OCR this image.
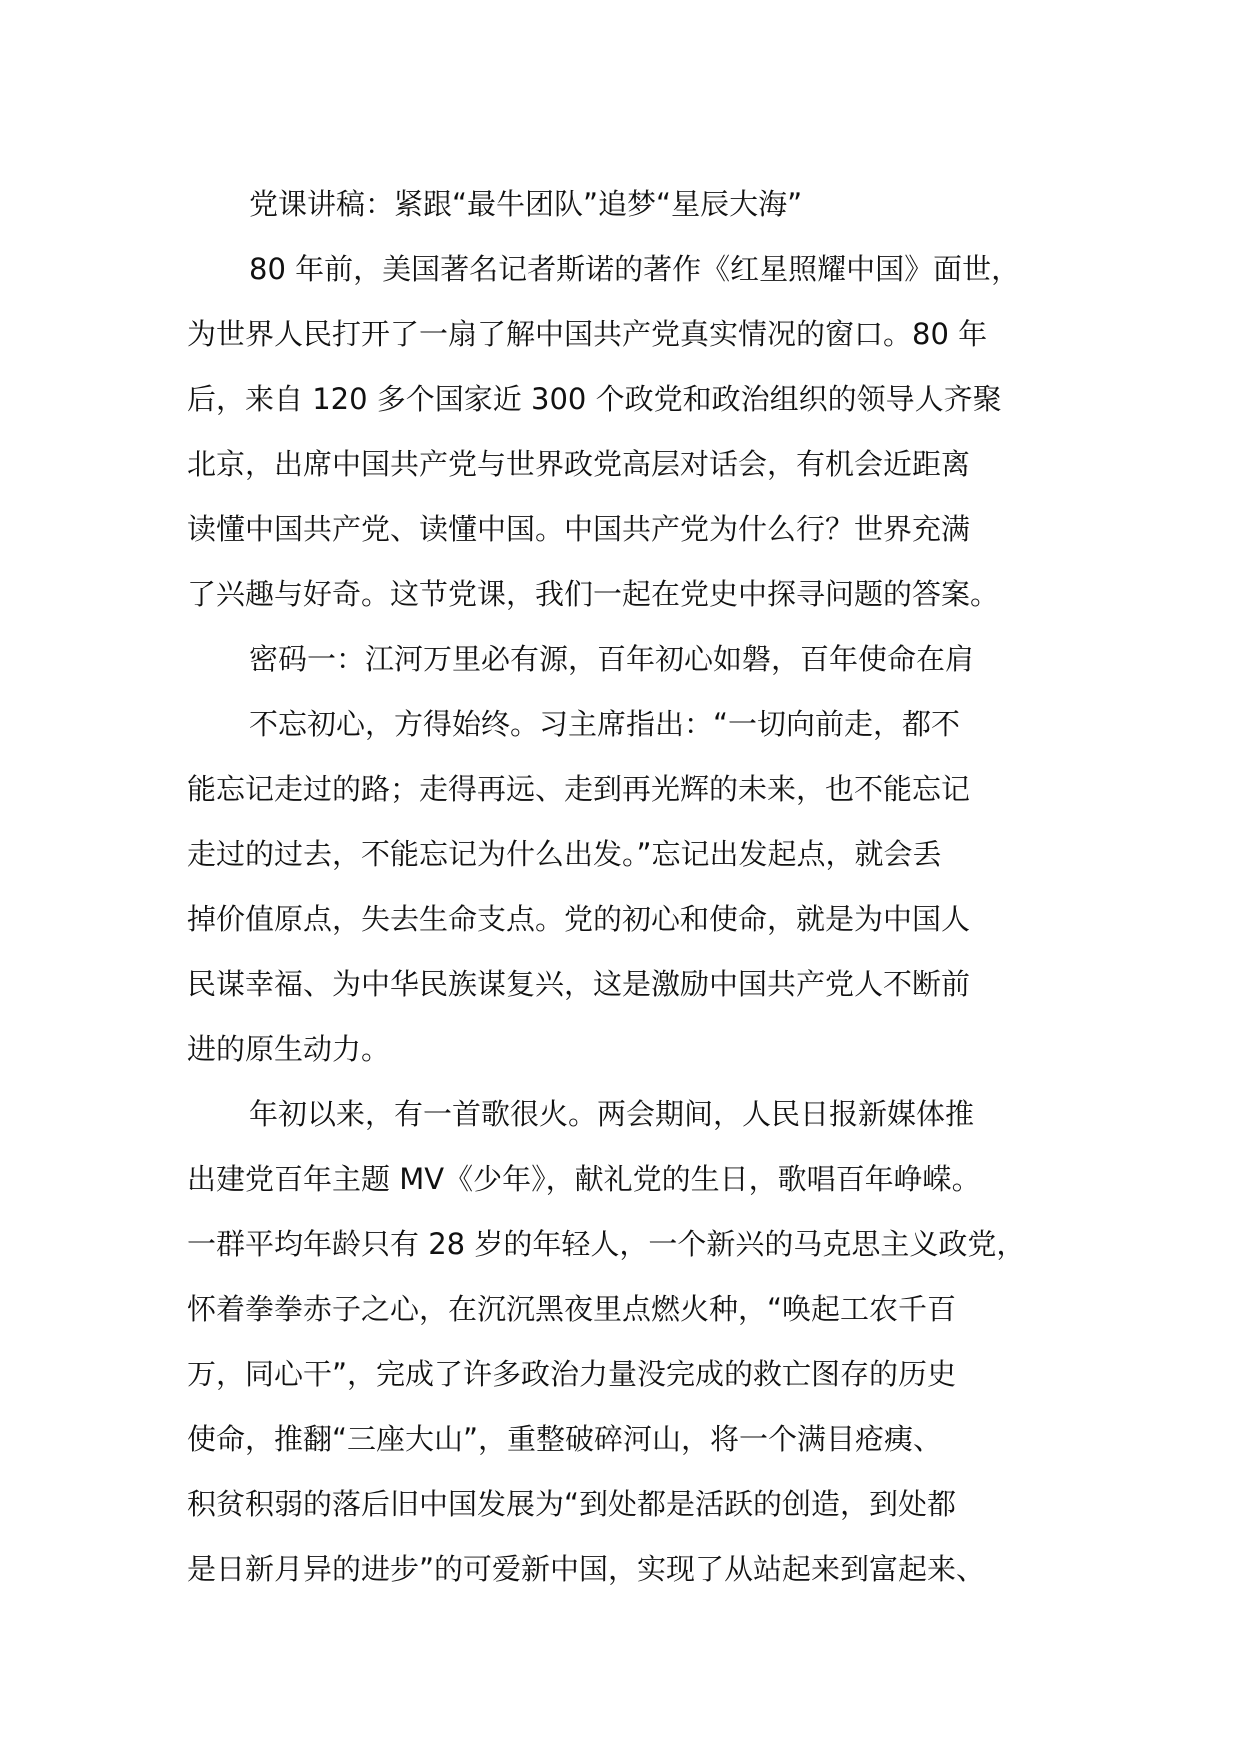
党课讲稿：紧跟“最牛团队”追梦“星辰大海”

80 年前，美国著名记者斯诺的著作《红星照耀中国》面世，
为世界人民打开了一扇了解中国共产党真实情况的窗口。80 年
后，来自 120 多个国家近 300 个政党和政治组织的领导人齐聚
北京，出席中国共产党与世界政党高层对话会，有机会近距离
读懂中国共产党、读懂中国。中国共产党为什么行？世界充满
了兴趣与好奇。这节党课，我们一起在党史中探寻问题的答案。

密码一：江河万里必有源，百年初心如磐，百年使命在肩

不忘初心，方得始终。习主席指出：“一切向前走，都不
能忘记走过的路；走得再远、走到再光辉的未来，也不能忘记
走过的过去，不能忘记为什么出发。”忘记出发起点，就会丢
掉价值原点，失去生命支点。党的初心和使命，就是为中国人
民谋幸福、为中华民族谋复兴，这是激励中国共产党人不断前
进的原生动力。

年初以来，有一首歌很火。两会期间，人民日报新媒体推
出建党百年主题 MV《少年》，献礼党的生日，歌唱百年峥嵘。
一群平均年龄只有 28 岁的年轻人，一个新兴的马克思主义政党，
怀着拳拳赤子之心，在沉沉黑夜里点燃火种，“唤起工农千百
万，同心干”，完成了许多政治力量没完成的救亡图存的历史
使命，推翻“三座大山”，重整破碎河山，将一个满目疮痍、
积贫积弱的落后旧中国发展为“到处都是活跃的创造，到处都
是日新月异的进步”的可爱新中国，实现了从站起来到富起来、
